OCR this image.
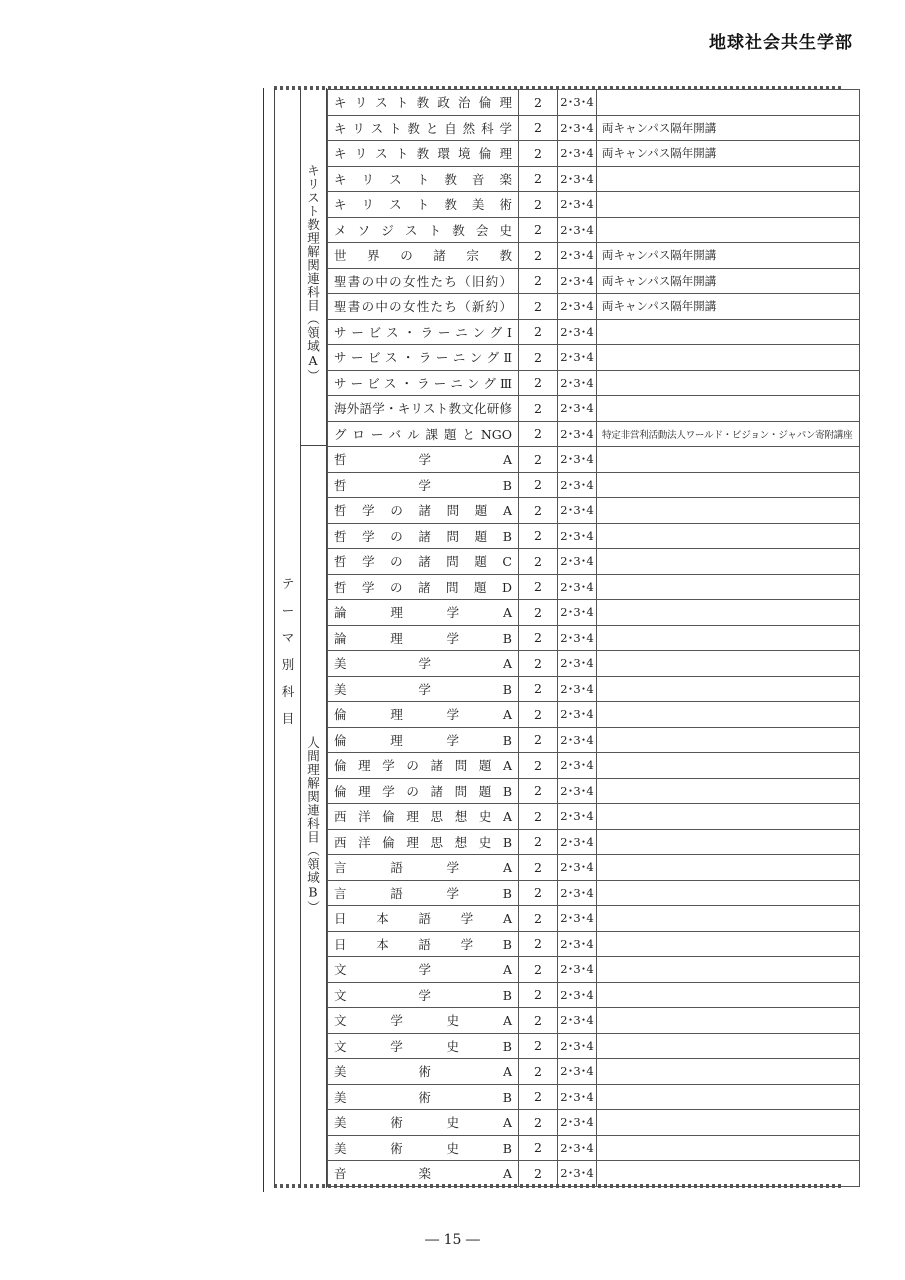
地球社会共生学部
テ
ー
マ
別
科
目
キリスト教理解関連科目（領域A）
人間理解関連科目（領域B）
キリスト教政治倫理	2	2･3･4	

キリスト教と自然科学	2	2･3･4	両キャンパス隔年開講

キリスト教環境倫理	2	2･3･4	両キャンパス隔年開講

キ リ ス ト 教 音 楽	2	2･3･4	

キ リ ス ト 教 美 術	2	2･3･4	

メ ソ ジ ス ト 教 会 史	2	2･3･4	

世 界 の 諸 宗 教	2	2･3･4	両キャンパス隔年開講

聖書の中の女性たち（旧約）	2	2･3･4	両キャンパス隔年開講

聖書の中の女性たち（新約）	2	2･3･4	両キャンパス隔年開講

サービス・ラーニングⅠ	2	2･3･4	

サービス・ラーニングⅡ	2	2･3･4	

サービス・ラーニングⅢ	2	2･3･4	

海外語学・キリスト教文化研修	2	2･3･4	

グローバル課題とNGO	2	2･3･4	特定非営利活動法人ワールド・ビジョン・ジャパン寄附講座

哲 学 A	2	2･3･4	

哲 学 B	2	2･3･4	

哲 学 の 諸 問 題 A	2	2･3･4	

哲 学 の 諸 問 題 B	2	2･3･4	

哲 学 の 諸 問 題 C	2	2･3･4	

哲 学 の 諸 問 題 D	2	2･3･4	

論 理 学 A	2	2･3･4	

論 理 学 B	2	2･3･4	

美 学 A	2	2･3･4	

美 学 B	2	2･3･4	

倫 理 学 A	2	2･3･4	

倫 理 学 B	2	2･3･4	

倫 理 学 の 諸 問 題 A	2	2･3･4	

倫 理 学 の 諸 問 題 B	2	2･3･4	

西 洋 倫 理 思 想 史 A	2	2･3･4	

西 洋 倫 理 思 想 史 B	2	2･3･4	

言 語 学 A	2	2･3･4	

言 語 学 B	2	2･3･4	

日 本 語 学 A	2	2･3･4	

日 本 語 学 B	2	2･3･4	

文 学 A	2	2･3･4	

文 学 B	2	2･3･4	

文 学 史 A	2	2･3･4	

文 学 史 B	2	2･3･4	

美 術 A	2	2･3･4	

美 術 B	2	2･3･4	

美 術 史 A	2	2･3･4	

美 術 史 B	2	2･3･4	

音 楽 A	2	2･3･4	
― 15 ―
